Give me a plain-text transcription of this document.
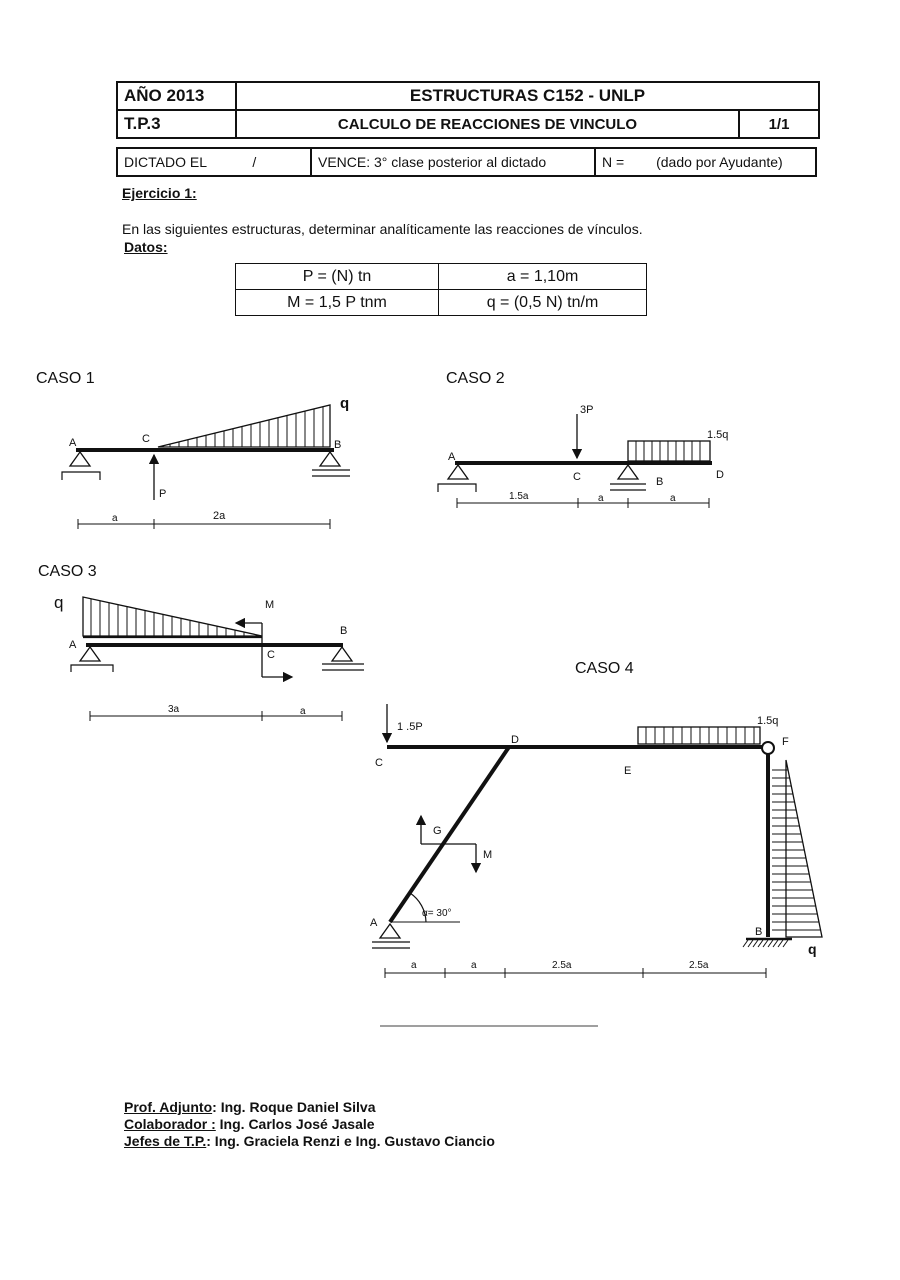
AÑO 2013	ESTRUCTURAS C152 - UNLP	
T.P.3	CALCULO DE REACCIONES DE VINCULO	1/1
DICTADO EL	/	VENCE: 3° clase posterior al dictado	N = (dado por Ayudante)
Ejercicio 1:
En las siguientes estructuras, determinar analíticamente las reacciones de vínculos.
Datos:
P = (N) tn	a = 1,10m
M = 1,5 P tnm	q = (0,5 N) tn/m
CASO 1	CASO 2
CASO 3
CASO 4
A	C	B
q
P
a	2a
A
C	B
D
3P
1.5q
1.5a	a	a
q
A
C
B
M
3a	a
1 .5P
C
D
E
F
1.5q
G
M
A
B
q
α= 30°
a	a	2.5a	2.5a
Prof. Adjunto: Ing. Roque Daniel Silva
Colaborador : Ing. Carlos José Jasale
Jefes de T.P.: Ing. Graciela Renzi e Ing. Gustavo Ciancio
